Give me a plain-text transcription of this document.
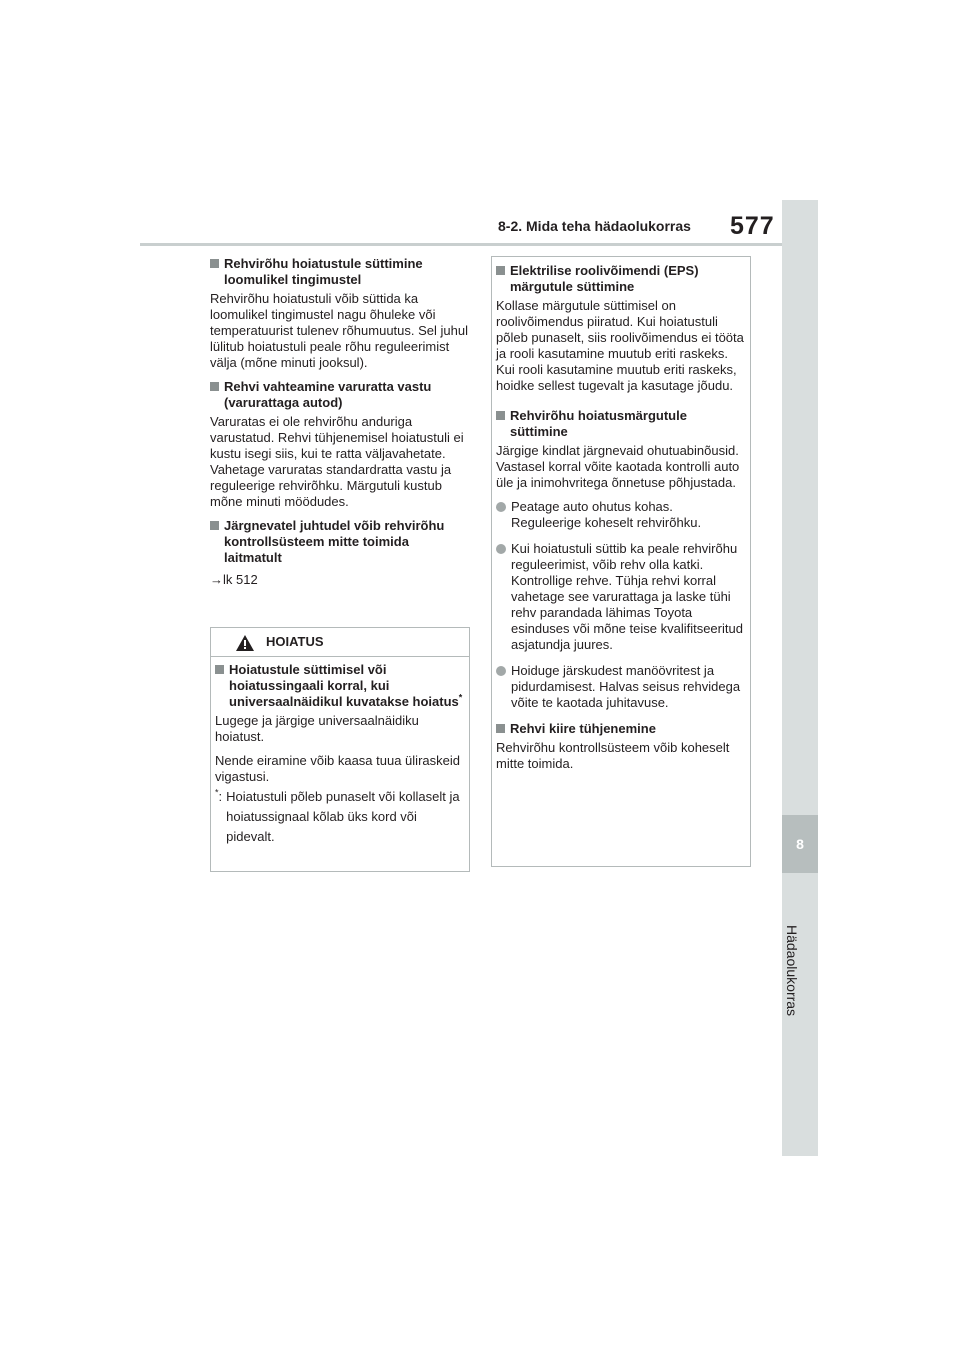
8
Hädaolukorras
8-2. Mida teha hädaolukorras 577
Rehvirõhu hoiatustule süttimine loomulikel tingimustel

Rehvirõhu hoiatustuli võib süttida ka loomulikel tingimustel nagu õhuleke või temperatuurist tulenev rõhumuutus. Sel juhul lülitub hoiatustuli peale rõhu reguleerimist välja (mõne minuti jooksul).

Rehvi vahteamine varuratta vastu (varurattaga autod)

Varuratas ei ole rehvirõhu anduriga varustatud. Rehvi tühjenemisel hoiatustuli ei kustu isegi siis, kui te ratta väljavahetate. Vahetage varuratas standardratta vastu ja reguleerige rehvirõhku. Märgutuli kustub mõne minuti möödudes.

Järgnevatel juhtudel võib rehvirõhu kontrollsüsteem mitte toimida laitmatult

→lk 512

HOIATUS
Hoiatustule süttimisel või hoiatussingaali korral, kui universaalnäidikul kuvatakse hoiatus*

Lugege ja järgige universaalnäidiku hoiatust.

Nende eiramine võib kaasa tuua üliraskeid vigastusi.

*: Hoiatustuli põleb punaselt või kollaselt ja hoiatussignaal kõlab üks kord või pidevalt.
Elektrilise roolivõimendi (EPS) märgutule süttimine

Kollase märgutule süttimisel on roolivõimendus piiratud. Kui hoiatustuli põleb punaselt, siis roolivõimendus ei tööta ja rooli kasutamine muutub eriti raskeks. Kui rooli kasutamine muutub eriti raskeks, hoidke sellest tugevalt ja kasutage jõudu.

Rehvirõhu hoiatusmärgutule süttimine

Järgige kindlat järgnevaid ohutuabinõusid. Vastasel korral võite kaotada kontrolli auto üle ja inimohvritega õnnetuse põhjustada.

Peatage auto ohutus kohas. Reguleerige koheselt rehvirõhku.
Kui hoiatustuli süttib ka peale rehvirõhu reguleerimist, võib rehv olla katki. Kontrollige rehve. Tühja rehvi korral vahetage see varurattaga ja laske tühi rehv parandada lähimas Toyota esinduses või mõne teise kvalifitseeritud asjatundja juures.
Hoiduge järskudest manöövritest ja pidurdamisest. Halvas seisus rehvidega võite te kaotada juhitavuse.
Rehvi kiire tühjenemine

Rehvirõhu kontrollsüsteem võib koheselt mitte toimida.
